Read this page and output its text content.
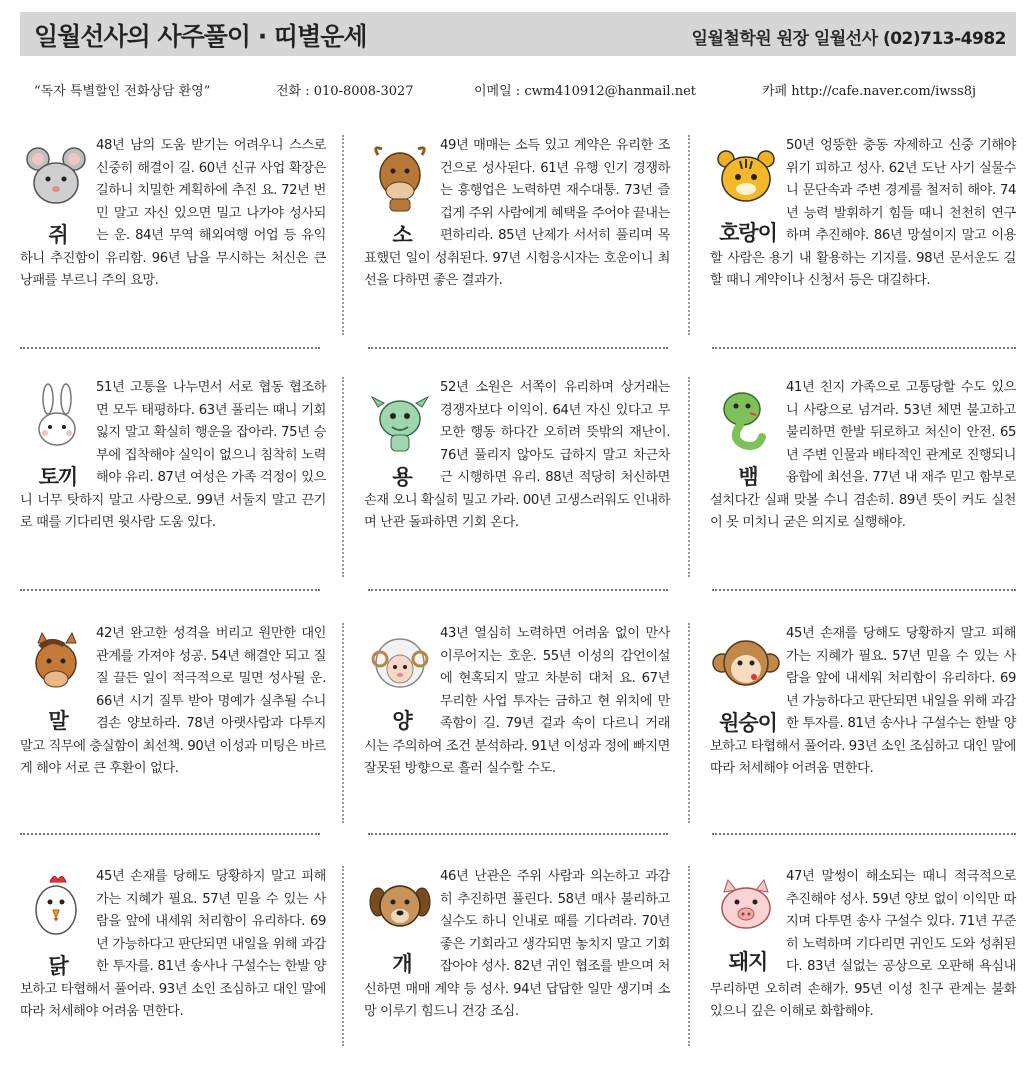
일월선사의 사주풀이 · 띠별운세	일월철학원 원장 일월선사 (02)713-4982
“독자 특별할인 전화상담 환영”	전화 : 010-8008-3027	이메일 : cwm410912@hanmail.net	카페 http://cafe.naver.com/iwss8j
쥐

48년 남의 도움 받기는 어려우니 스스로 신중히 해결이 길. 60년 신규 사업 확장은 길하니 치밀한 계획하에 추진 요. 72년 번민 말고 자신 있으면 밀고 나가야 성사되는 운. 84년 무역 해외여행 어업 등 유익하니 추진함이 유리함. 96년 남을 무시하는 처신은 큰 낭패를 부르니 주의 요망.

소

49년 매매는 소득 있고 계약은 유리한 조건으로 성사된다. 61년 유행 인기 경쟁하는 흥행업은 노력하면 재수대통. 73년 즐겁게 주위 사람에게 혜택을 주어야 끝내는 편하리라. 85년 난제가 서서히 풀리며 목표했던 일이 성취된다. 97년 시험응시자는 호운이니 최선을 다하면 좋은 결과가.

호랑이

50년 엉뚱한 충동 자제하고 신중 기해야 위기 피하고 성사. 62년 도난 사기 실물수니 문단속과 주변 경계를 철저히 해야. 74년 능력 발휘하기 힘들 때니 천천히 연구하며 추진해야. 86년 망설이지 말고 이용할 사람은 용기 내 활용하는 기지를. 98년 문서운도 길할 때니 계약이나 신청서 등은 대길하다.

토끼

51년 고통을 나누면서 서로 협동 협조하면 모두 태평하다. 63년 풀리는 때니 기회 잃지 말고 확실히 행운을 잡아라. 75년 승부에 집착해야 실익이 없으니 침착히 노력해야 유리. 87년 여성은 가족 걱정이 있으니 너무 탓하지 말고 사랑으로. 99년 서둘지 말고 끈기로 때를 기다리면 윗사람 도움 있다.

용

52년 소원은 서쪽이 유리하며 상거래는 경쟁자보다 이익이. 64년 자신 있다고 무모한 행동 하다간 오히려 뜻밖의 재난이. 76년 풀리지 않아도 급하지 말고 차근차근 시행하면 유리. 88년 적당히 처신하면 손재 오니 확실히 밀고 가라. 00년 고생스러워도 인내하며 난관 돌파하면 기회 온다.

뱀

41년 친지 가족으로 고통당할 수도 있으니 사랑으로 넘겨라. 53년 체면 불고하고 불리하면 한발 뒤로하고 처신이 안전. 65년 주변 인물과 배타적인 관계로 진행되니 융합에 최선을. 77년 내 재주 믿고 함부로 설치다간 실패 맞볼 수니 겸손히. 89년 뜻이 커도 실천이 못 미치니 굳은 의지로 실행해야.

말

42년 완고한 성격을 버리고 원만한 대인관계를 가져야 성공. 54년 해결안 되고 질질 끌든 일이 적극적으로 밀면 성사될 운. 66년 시기 질투 받아 명예가 실추될 수니 겸손 양보하라. 78년 아랫사람과 다투지 말고 직무에 충실함이 최선책. 90년 이성과 미팅은 바르게 해야 서로 큰 후환이 없다.

양

43년 열심히 노력하면 어려움 없이 만사 이루어지는 호운. 55년 이성의 감언이설에 현혹되지 말고 차분히 대처 요. 67년 무리한 사업 투자는 금하고 현 위치에 만족함이 길. 79년 겉과 속이 다르니 거래 시는 주의하여 조건 분석하라. 91년 이성과 정에 빠지면 잘못된 방향으로 흘러 실수할 수도.

원숭이

45년 손재를 당해도 당황하지 말고 피해 가는 지혜가 필요. 57년 믿을 수 있는 사람을 앞에 내세워 처리함이 유리하다. 69년 가능하다고 판단되면 내일을 위해 과감한 투자를. 81년 송사나 구설수는 한발 양보하고 타협해서 풀어라. 93년 소인 조심하고 대인 말에 따라 처세해야 어려움 면한다.

닭

45년 손재를 당해도 당황하지 말고 피해 가는 지혜가 필요. 57년 믿을 수 있는 사람을 앞에 내세워 처리함이 유리하다. 69년 가능하다고 판단되면 내일을 위해 과감한 투자를. 81년 송사나 구설수는 한발 양보하고 타협해서 풀어라. 93년 소인 조심하고 대인 말에 따라 처세해야 어려움 면한다.

개

46년 난관은 주위 사람과 의논하고 과감히 추진하면 풀린다. 58년 매사 불리하고 실수도 하니 인내로 때를 기다려라. 70년 좋은 기회라고 생각되면 놓치지 말고 기회 잡아야 성사. 82년 귀인 협조를 받으며 처신하면 매매 계약 등 성사. 94년 답답한 일만 생기며 소망 이루기 힘드니 건강 조심.

돼지

47년 말썽이 해소되는 때니 적극적으로 추진해야 성사. 59년 양보 없이 이익만 따지며 다투면 송사 구설수 있다. 71년 꾸준히 노력하며 기다리면 귀인도 도와 성취된다. 83년 실없는 공상으로 오판해 욕심내 무리하면 오히려 손해가. 95년 이성 친구 관계는 불화 있으니 깊은 이해로 화합해야.
